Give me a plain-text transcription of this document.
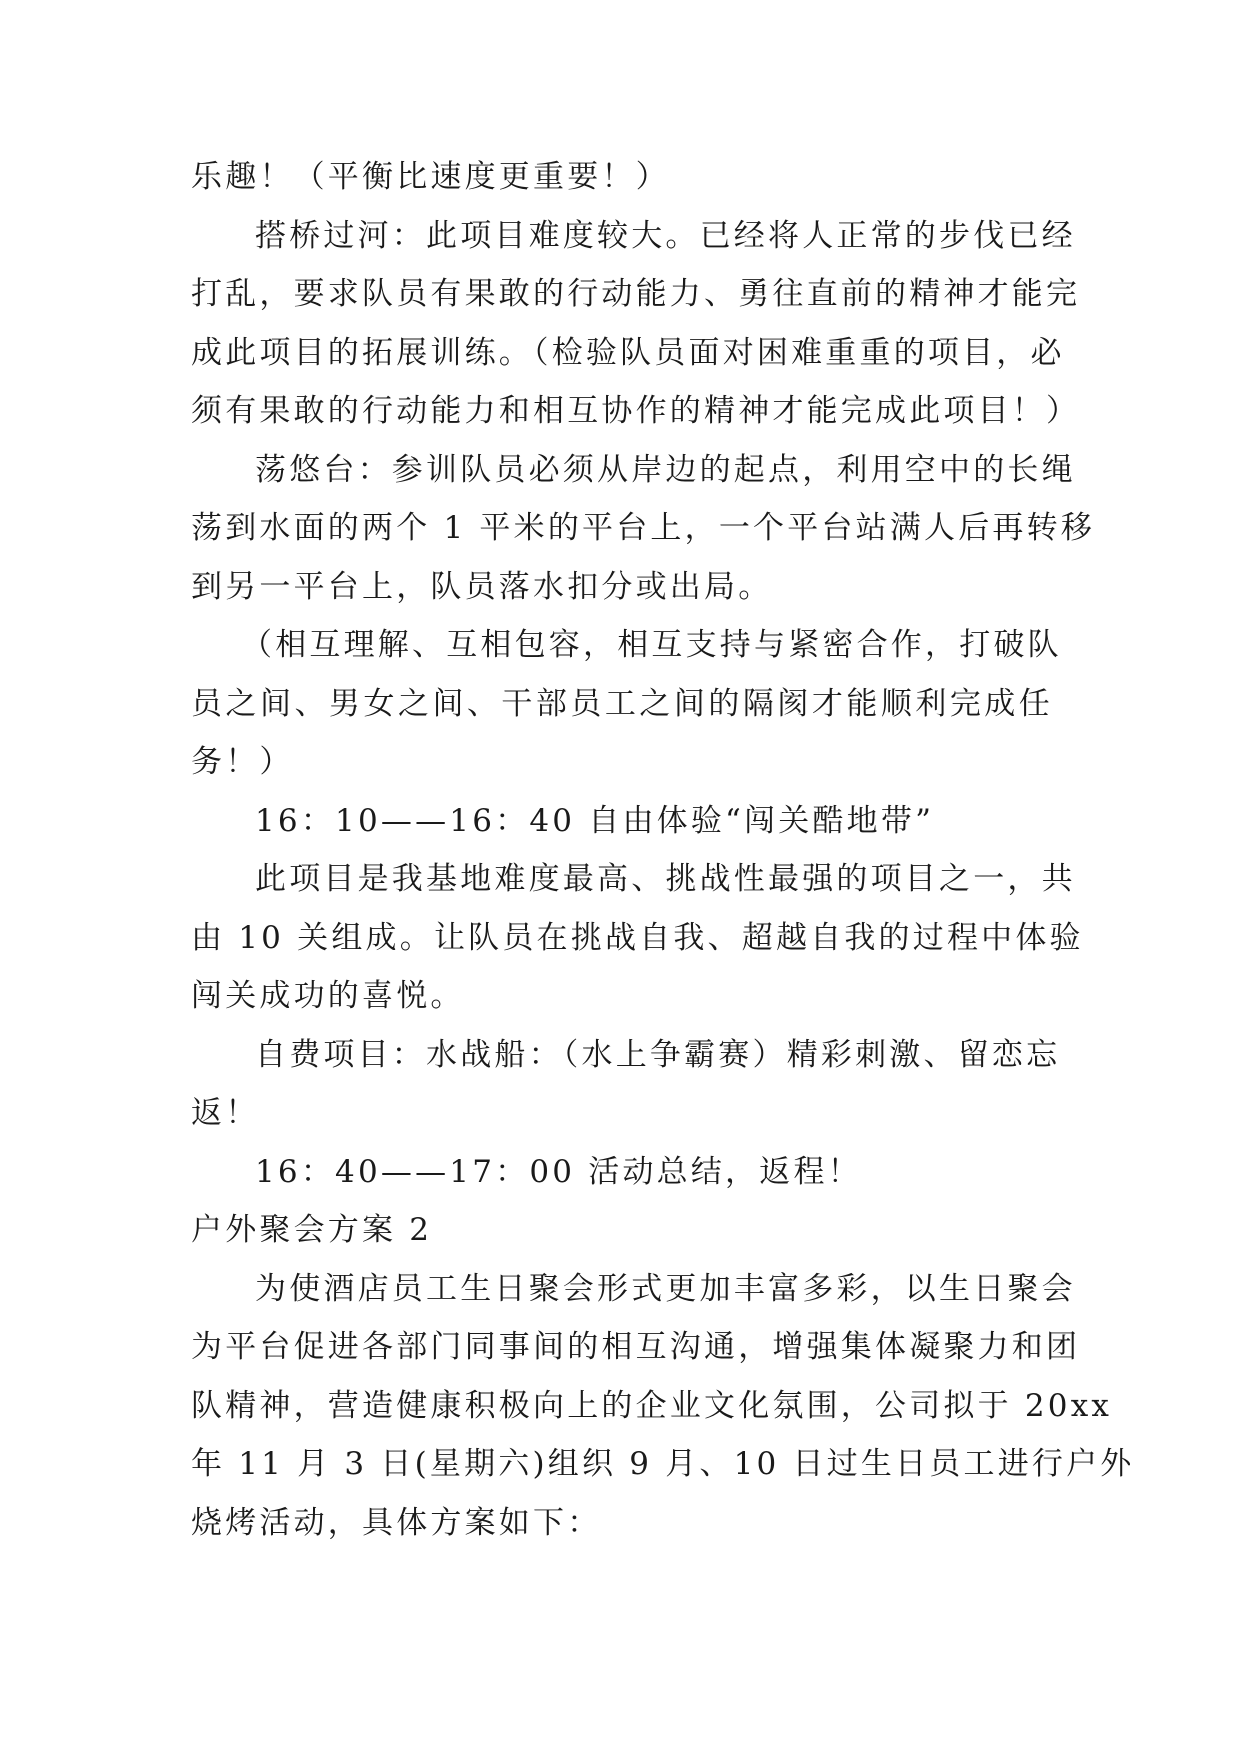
乐趣！（平衡比速度更重要！）
搭桥过河：此项目难度较大。已经将人正常的步伐已经
打乱，要求队员有果敢的行动能力、勇往直前的精神才能完
成此项目的拓展训练。（检验队员面对困难重重的项目，必
须有果敢的行动能力和相互协作的精神才能完成此项目！）
荡悠台：参训队员必须从岸边的起点，利用空中的长绳
荡到水面的两个 1 平米的平台上，一个平台站满人后再转移
到另一平台上，队员落水扣分或出局。
（相互理解、互相包容，相互支持与紧密合作，打破队
员之间、男女之间、干部员工之间的隔阂才能顺利完成任
务！）
16：10——16：40 自由体验“闯关酷地带”
此项目是我基地难度最高、挑战性最强的项目之一，共
由 10 关组成。让队员在挑战自我、超越自我的过程中体验
闯关成功的喜悦。
自费项目：水战船：（水上争霸赛）精彩刺激、留恋忘
返！
16：40——17：00 活动总结，返程！
户外聚会方案 2
为使酒店员工生日聚会形式更加丰富多彩，以生日聚会
为平台促进各部门同事间的相互沟通，增强集体凝聚力和团
队精神，营造健康积极向上的企业文化氛围，公司拟于 20xx
年 11 月 3 日(星期六)组织 9 月、10 日过生日员工进行户外
烧烤活动，具体方案如下：
